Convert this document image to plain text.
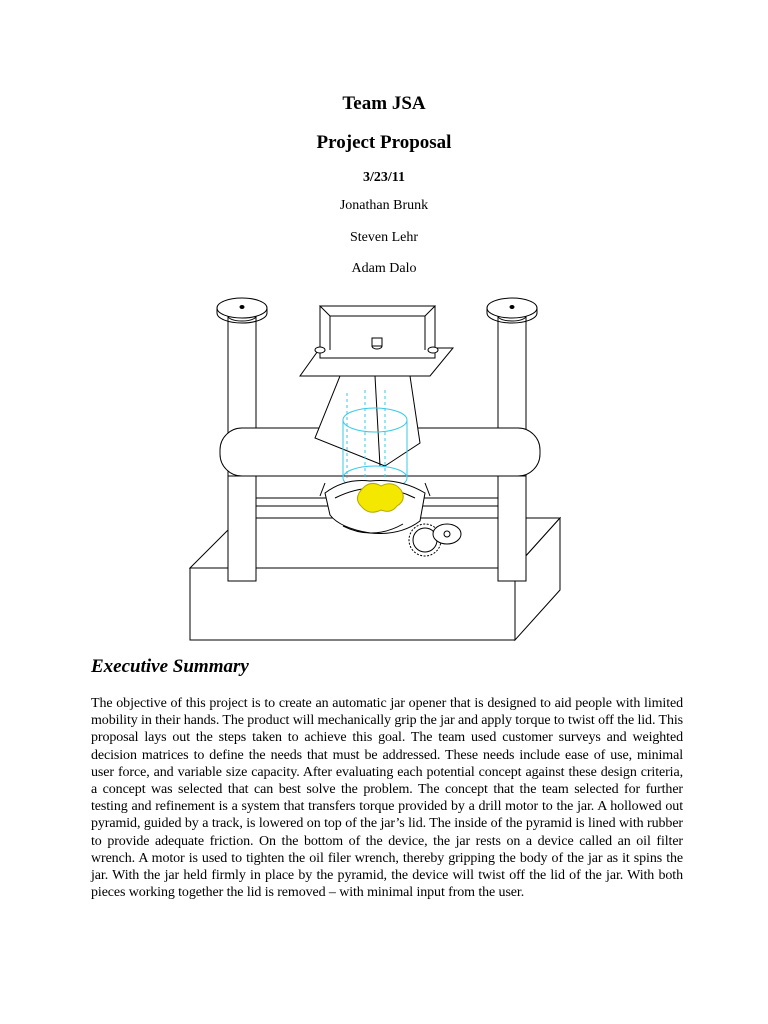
Team JSA

Project Proposal

3/23/11

Jonathan Brunk

Steven Lehr

Adam Dalo

Executive Summary

The objective of this project is to create an automatic jar opener that is designed to aid people with limited mobility in their hands. The product will mechanically grip the jar and apply torque to twist off the lid. This proposal lays out the steps taken to achieve this goal. The team used customer surveys and weighted decision matrices to define the needs that must be addressed. These needs include ease of use, minimal user force, and variable size capacity. After evaluating each potential concept against these design criteria, a concept was selected that can best solve the problem. The concept that the team selected for further testing and refinement is a system that transfers torque provided by a drill motor to the jar. A hollowed out pyramid, guided by a track, is lowered on top of the jar’s lid. The inside of the pyramid is lined with rubber to provide adequate friction. On the bottom of the device, the jar rests on a device called an oil filter wrench. A motor is used to tighten the oil filer wrench, thereby gripping the body of the jar as it spins the jar. With the jar held firmly in place by the pyramid, the device will twist off the lid of the jar. With both pieces working together the lid is removed – with minimal input from the user.
